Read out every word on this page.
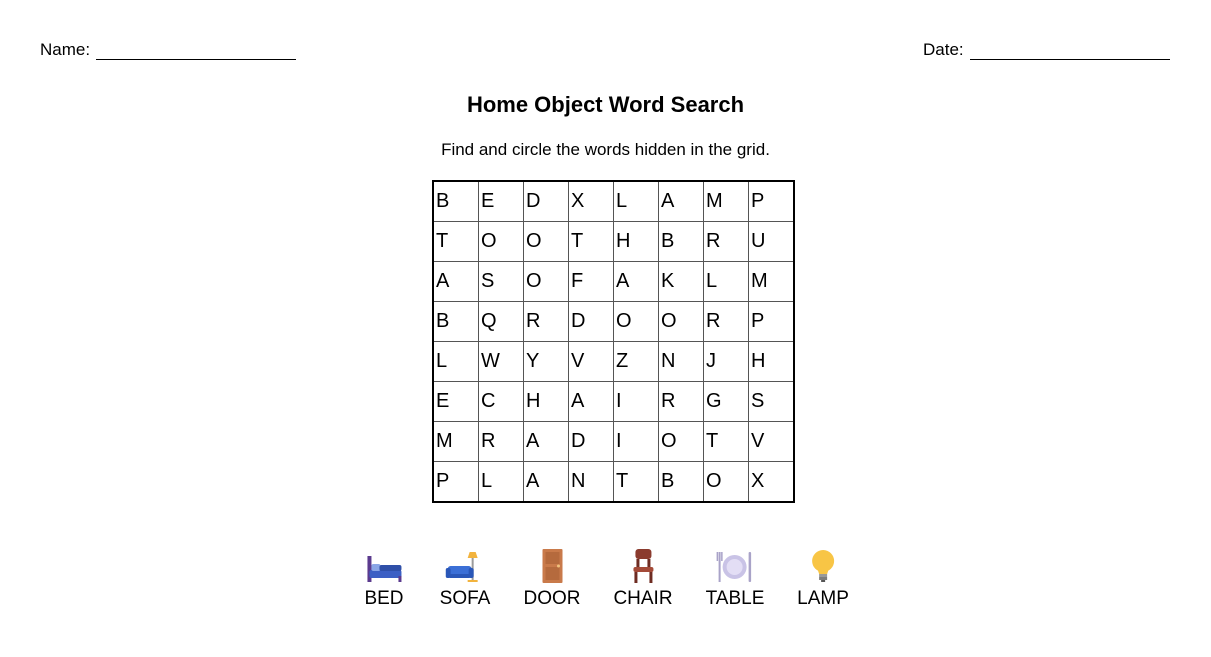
Name:	Date:
Home Object Word Search
Find and circle the words hidden in the grid.
B	E	D	X	L	A	M	P
T	O	O	T	H	B	R	U
A	S	O	F	A	K	L	M
B	Q	R	D	O	O	R	P
L	W	Y	V	Z	N	J	H
E	C	H	A	I	R	G	S
M	R	A	D	I	O	T	V
P	L	A	N	T	B	O	X
BED SOFA DOOR CHAIR TABLE LAMP
